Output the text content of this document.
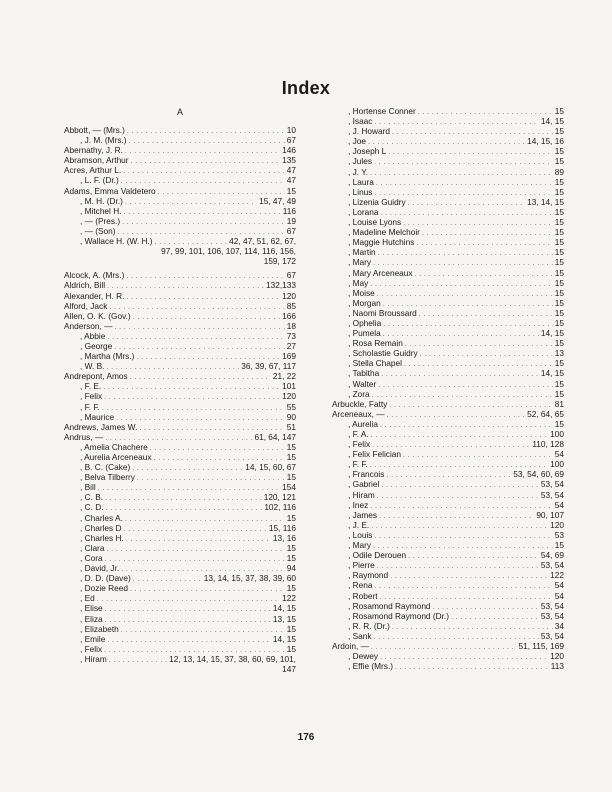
Index
A
Abbott, — (Mrs.) . . .	10
, J. M. (Mrs.) . . .	67
Abernathy, J. R. . . .	146
Abramson, Arthur . . .	135
Acres, Arthur L. . . .	47
, L. F. (Dr.) . . .	47
Adams, Emma Valdetero . . .	15
, M. H. (Dr.) . . .	15, 47, 49
, Mitchel H. . . .	116
, — (Pres.) . . .	19
, — (Son) . . .	67
, Wallace H. (W. H.) . . .	42, 47, 51, 62, 67,
97, 99, 101, 106, 107, 114, 116, 156,
159, 172
Alcock, A. (Mrs.) . . .	67
Aldrich, Bill . . .	132,133
Alexander, H. R. . . .	120
Alford, Jack . . .	85
Allen, O. K. (Gov.) . . .	166
Anderson, — . . .	18
, Abbie . . .	73
, George . . .	27
, Martha (Mrs.) . . .	169
, W. B. . . .	36, 39, 67, 117
Andrepont, Amos . . .	21, 22
, F. E. . . .	101
, Felix . . .	120
, F. F. . . .	55
, Maurice . . .	90
Andrews, James W. . . .	51
Andrus, — . . .	61, 64, 147
, Amelia Chachere . . .	15
, Aurelia Arceneaux . . .	15
, B. C. (Cake) . . .	14, 15, 60, 67
, Belva Tilberry . . .	15
, Bill . . .	154
, C. B. . . .	120, 121
, C. D. . . .	102, 116
, Charles A. . . .	15
, Charles D . . .	15, 116
, Charles H. . . .	13, 16
, Clara . . .	15
, Cora . . .	15
, David, Jr. . . .	94
, D. D. (Dave) . . .	13, 14, 15, 37, 38, 39, 60
, Dozie Reed . . .	15
, Ed . . .	122
, Elise . . .	14, 15
, Eliza . . .	13, 15
, Elizabeth . . .	15
, Emile . . .	14, 15
, Felix . . .	15
, Hiram . . .	12, 13, 14, 15, 37, 38, 60, 69, 101,
147
, Hortense Conner . . .	15
, Isaac . . .	14, 15
, J. Howard . . .	15
, Joe . . .	14, 15, 16
, Joseph L . . .	15
, Jules . . .	15
, J. Y. . . .	89
, Laura . . .	15
, Linus . . .	15
, Lizenia Guidry . . .	13, 14, 15
, Lorana . . .	15
, Louise Lyons . . .	15
, Madeline Melchoir . . .	15
, Maggie Hutchins . . .	15
, Martin . . .	15
, Mary . . .	15
, Mary Arceneaux . . .	15
, May . . .	15
, Moise . . .	15
, Morgan . . .	15
, Naomi Broussard . . .	15
, Ophelia . . .	15
, Pumela . . .	14, 15
, Rosa Remain . . .	15
, Scholastie Guidry . . .	13
, Stella Chapel . . .	15
, Tabitha . . .	14, 15
, Walter . . .	15
, Zora . . .	15
Arbuckle, Fatty . . .	81
Arceneaux, — . . .	52, 64, 65
, Aurelia . . .	15
, F. A. . . .	100
, Felix . . .	110, 128
, Felix Felician . . .	54
, F. F. . . .	100
, Francois . . .	53, 54, 60, 69
, Gabriel . . .	53, 54
, Hiram . . .	53, 54
, Inez . . .	54
, James . . .	90, 107
, J. E. . . .	120
, Louis . . .	53
, Mary . . .	15
, Odile Derouen . . .	54, 69
, Pierre . . .	53, 54
, Raymond . . .	122
, Rena . . .	54
, Robert . . .	54
, Rosamond Raymond . . .	53, 54
, Rosamond Raymond (Dr.) . . .	53, 54
, R. R. (Dr.) . . .	34
, Sank . . .	53, 54
Ardoin, — . . .	51, 115, 169
, Dewey . . .	120
, Effie (Mrs.) . . .	113
176
